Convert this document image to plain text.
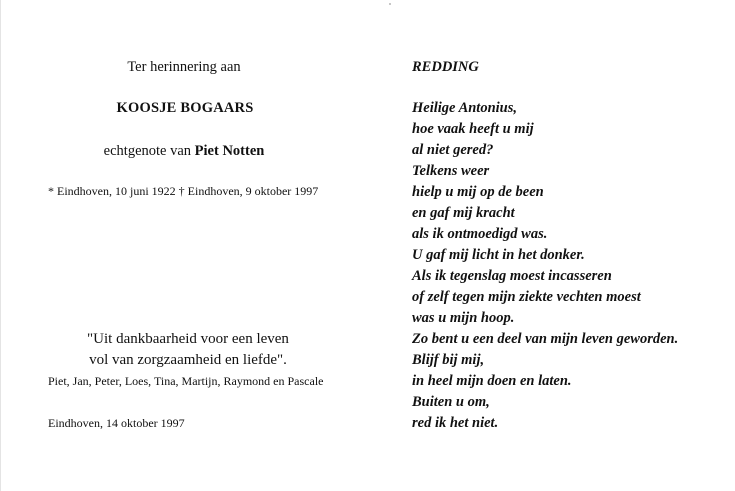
Ter herinnering aan
KOOSJE BOGAARS
echtgenote van Piet Notten
* Eindhoven, 10 juni 1922 † Eindhoven, 9 oktober 1997
"Uit dankbaarheid voor een leven
vol van zorgzaamheid en liefde".
Piet, Jan, Peter, Loes, Tina, Martijn, Raymond en Pascale
Eindhoven, 14 oktober 1997
REDDING
Heilige Antonius,
hoe vaak heeft u mij
al niet gered?
Telkens weer
hielp u mij op de been
en gaf mij kracht
als ik ontmoedigd was.
U gaf mij licht in het donker.
Als ik tegenslag moest incasseren
of zelf tegen mijn ziekte vechten moest
was u mijn hoop.
Zo bent u een deel van mijn leven geworden.
Blijf bij mij,
in heel mijn doen en laten.
Buiten u om,
red ik het niet.
